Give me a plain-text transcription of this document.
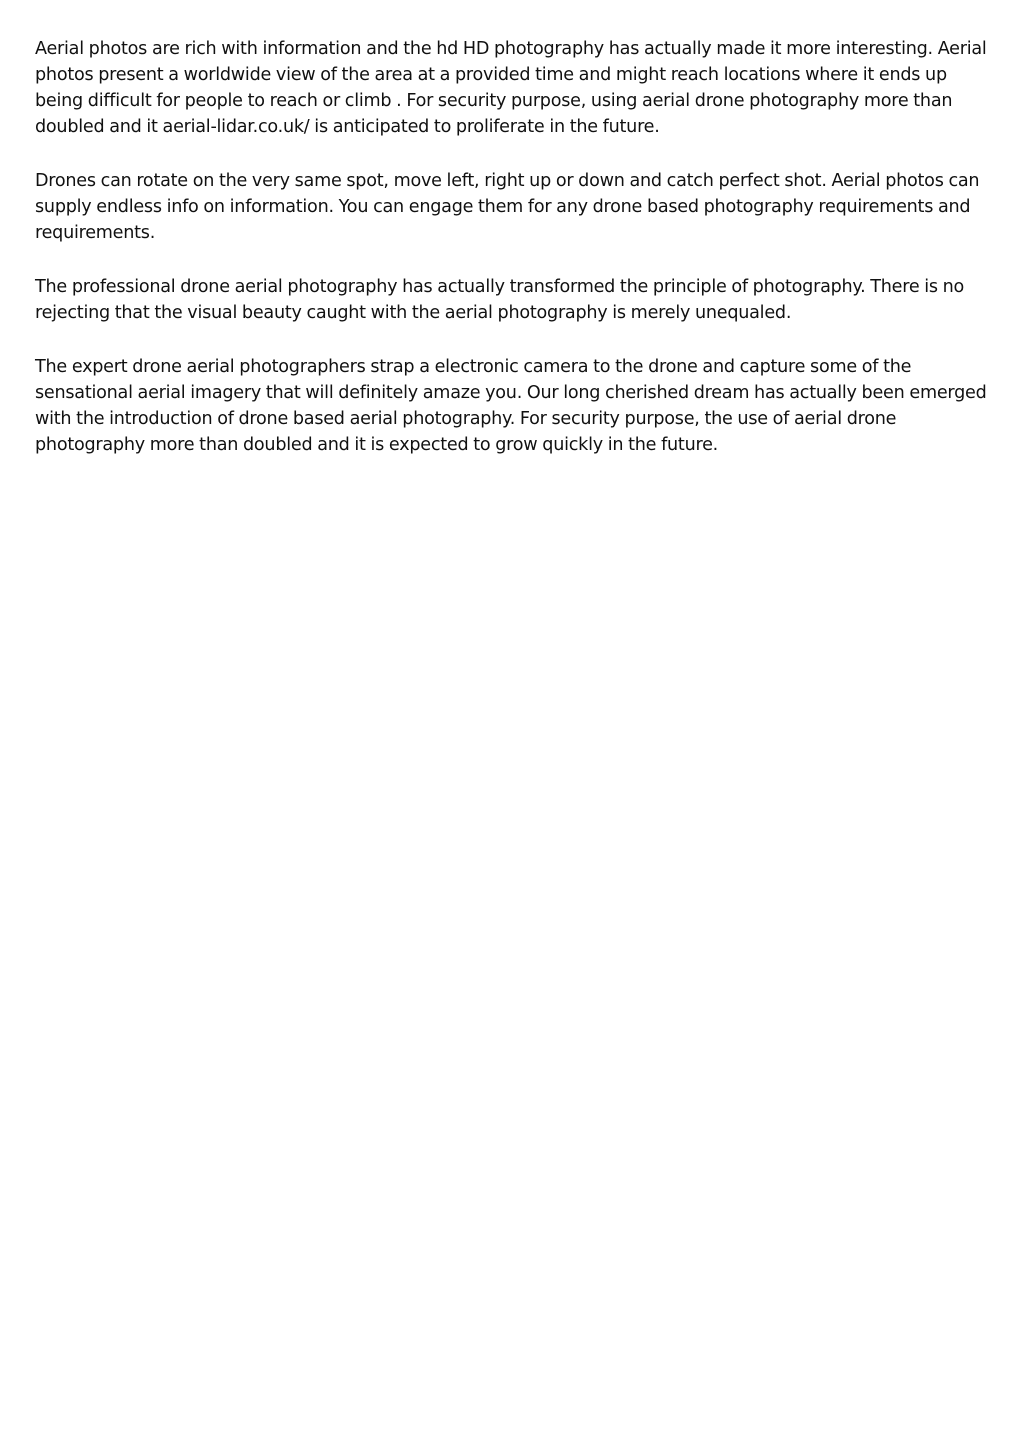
Aerial photos are rich with information and the hd HD photography has actually made it more interesting. Aerial photos present a worldwide view of the area at a provided time and might reach locations where it ends up being difficult for people to reach or climb . For security purpose, using aerial drone photography more than doubled and it aerial-lidar.co.uk/ is anticipated to proliferate in the future.

Drones can rotate on the very same spot, move left, right up or down and catch perfect shot. Aerial photos can supply endless info on information. You can engage them for any drone based photography requirements and requirements.

The professional drone aerial photography has actually transformed the principle of photography. There is no rejecting that the visual beauty caught with the aerial photography is merely unequaled.

The expert drone aerial photographers strap a electronic camera to the drone and capture some of the sensational aerial imagery that will definitely amaze you. Our long cherished dream has actually been emerged with the introduction of drone based aerial photography. For security purpose, the use of aerial drone photography more than doubled and it is expected to grow quickly in the future.
